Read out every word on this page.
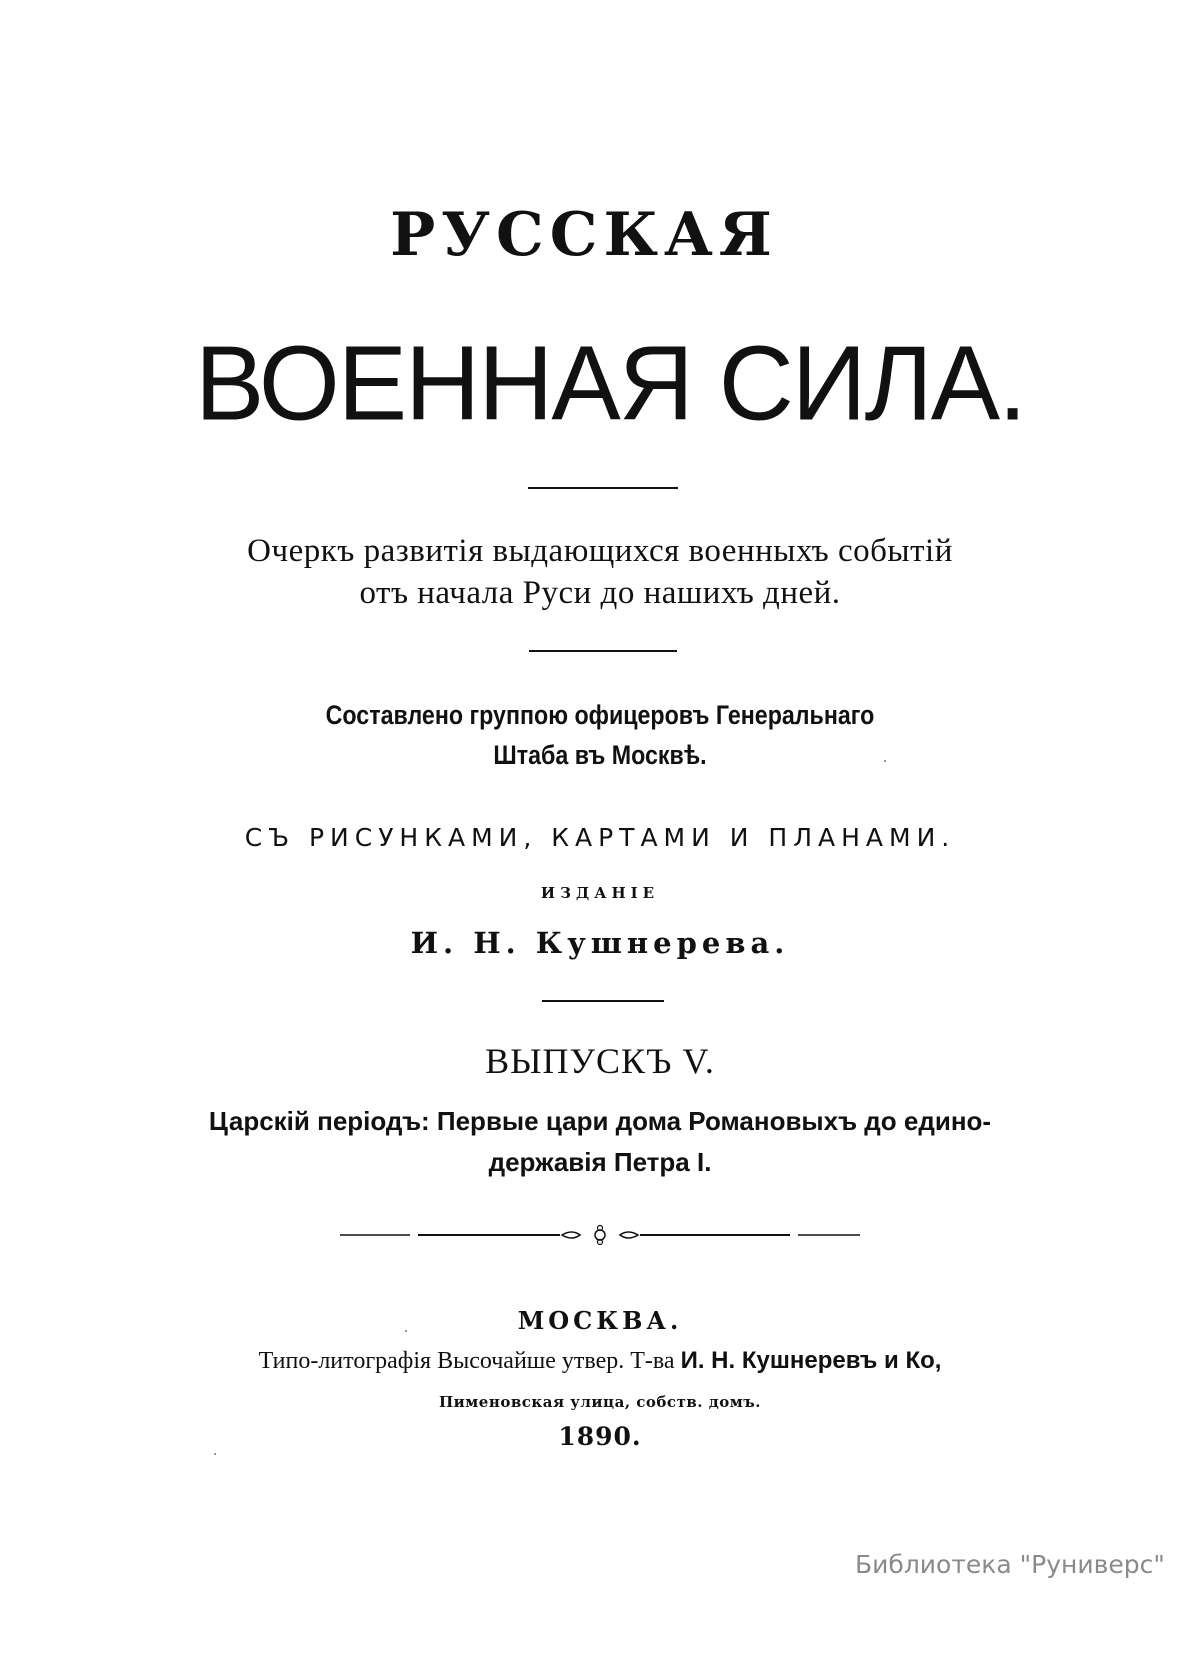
РУССКАЯ
ВОЕННАЯ СИЛА.
Очеркъ развитія выдающихся военныхъ событій
отъ начала Руси до нашихъ дней.
Составлено группою офицеровъ Генеральнаго
Штаба въ Москвѣ.
СЪ РИСУНКАМИ, КАРТАМИ И ПЛАНАМИ.
ИЗДАНІЕ
И. Н. Кушнерева.
ВЫПУСКЪ V.
Царскій періодъ: Первые цари дома Романовыхъ до едино-
державія Петра I.
МОСКВА.
Типо-литографія Высочайше утвер. Т-ва И. Н. Кушнеревъ и Ко,
Пименовская улица, собств. домъ.
1890.
Библиотека "Руниверс"
